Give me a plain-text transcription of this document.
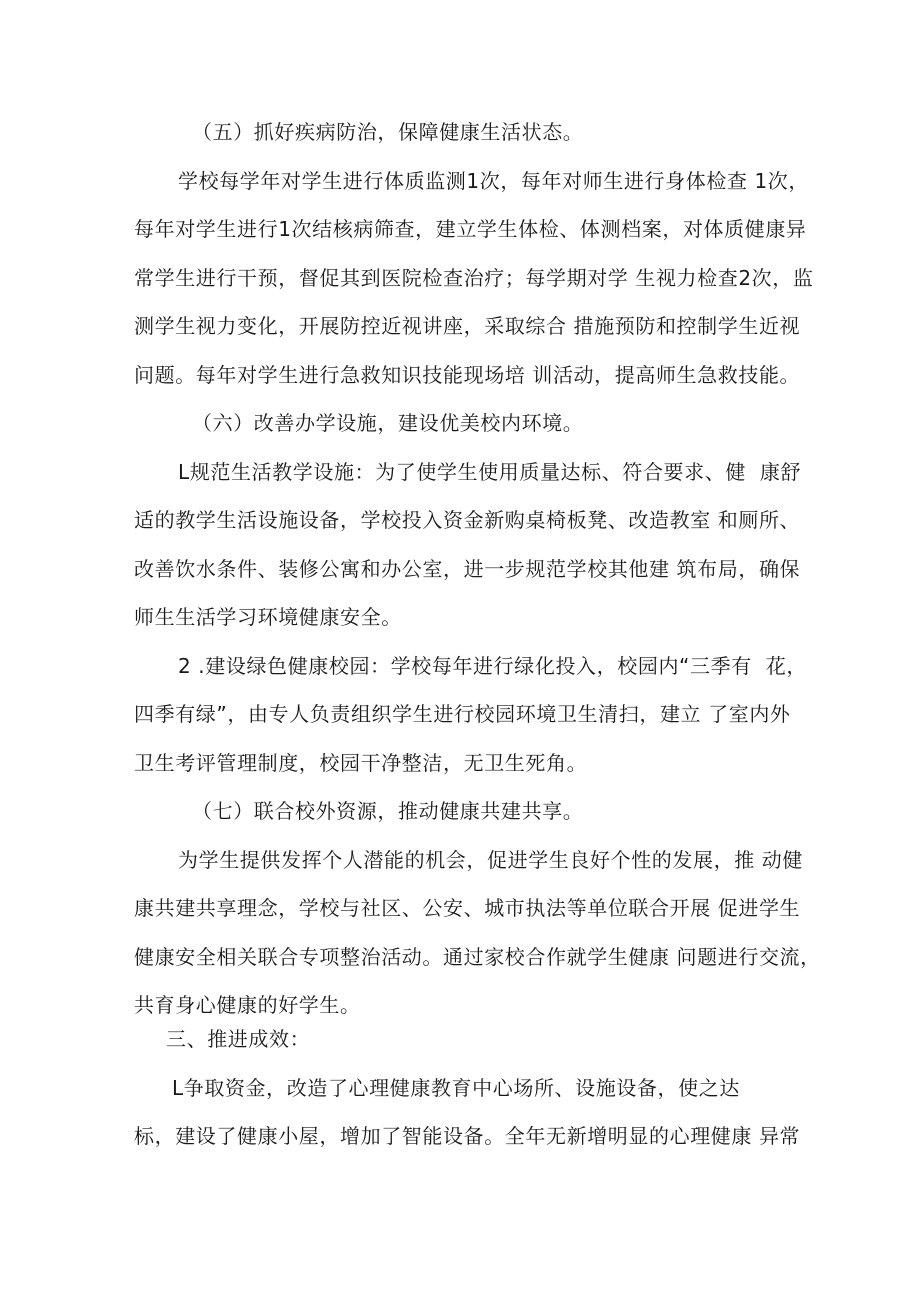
（五）抓好疾病防治，保障健康生活状态。
学校每学年对学生进行体质监测1次，每年对师生进行身体检查 1次，
每年对学生进行1次结核病筛查，建立学生体检、体测档案，对体质健康异
常学生进行干预，督促其到医院检查治疗；每学期对学 生视力检查2次，监
测学生视力变化，开展防控近视讲座，采取综合 措施预防和控制学生近视
问题。每年对学生进行急救知识技能现场培 训活动，提高师生急救技能。
（六）改善办学设施，建设优美校内环境。
L规范生活教学设施：为了使学生使用质量达标、符合要求、健  康舒
适的教学生活设施设备，学校投入资金新购桌椅板凳、改造教室 和厕所、
改善饮水条件、装修公寓和办公室，进一步规范学校其他建 筑布局，确保
师生生活学习环境健康安全。
2 .建设绿色健康校园：学校每年进行绿化投入，校园内“三季有  花，
四季有绿”，由专人负责组织学生进行校园环境卫生清扫，建立 了室内外
卫生考评管理制度，校园干净整洁，无卫生死角。
（七）联合校外资源，推动健康共建共享。
为学生提供发挥个人潜能的机会，促进学生良好个性的发展，推 动健
康共建共享理念，学校与社区、公安、城市执法等单位联合开展 促进学生
健康安全相关联合专项整治活动。通过家校合作就学生健康 问题进行交流，
共育身心健康的好学生。
三、推进成效：
L争取资金，改造了心理健康教育中心场所、设施设备，使之达
标，建设了健康小屋，增加了智能设备。全年无新增明显的心理健康 异常
